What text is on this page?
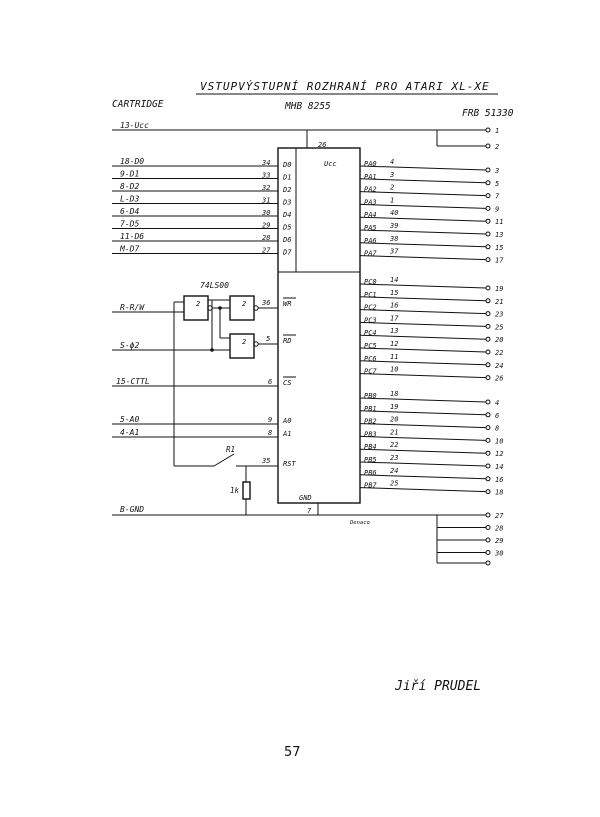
VSTUPVÝSTUPNÍ ROZHRANÍ PRO ATARI XL-XE
CARTRIDGE	MHB 8255
FRB 51330
26
Ucc
GND
7
13-Ucc
18-D0	34 D0
9-D1	33 D1
8-D2	32 D2
L-D3	31 D3
6-D4	30 D4
7-D5	29 D5
11-D6	28 D6
M-D7	27 D7
PA0 4
PA1 3
PA2 2
PA3 1
PA4 40
PA5 39
PA6 38
PA7 37
PC0 14
PC1 15
PC2 16
PC3 17
PC4 13
PC5 12
PC6 11
PC7 10
PB0 18
PB1 19
PB2 20
PB3 21
PB4 22
PB5 23
PB6 24
PB7 25
3
5
7
9
11
13
15
17
19
21
23
25
20
22
24
26
4
6
8
10
12
14
16
18
1
2
27
28
29
30
74LS00
2	2
2
R-R/W	36 WR
S-ϕ2
5 RD
15-CTTL	6 CS
5-A0	9 A0
4-A1	8 A1
R1
35 RST
1k
B-GND
Denaco
Jiří PRUDEL
57
